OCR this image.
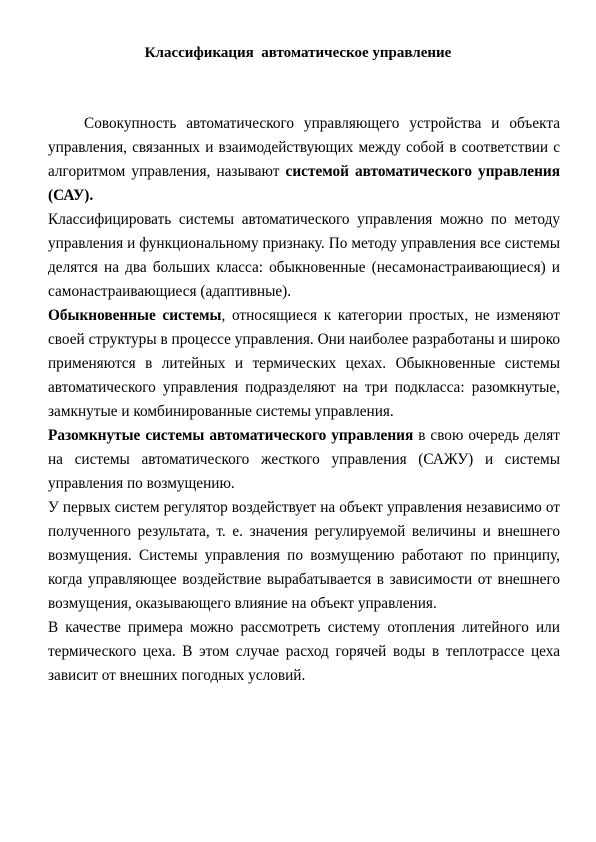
Классификация  автоматическое управление

Совокупность автоматического управляющего устройства и объекта управления, связанных и взаимодействующих между собой в соответствии с алгоритмом управления, называют системой автоматического управления (САУ).

Классифицировать системы автоматического управления можно по методу управления и функциональному признаку. По методу управления все системы делятся на два больших класса: обыкновенные (несамонастраивающиеся) и самонастраивающиеся (адаптивные).

Обыкновенные системы, относящиеся к категории простых, не изменяют своей структуры в процессе управления. Они наиболее разработаны и широко применяются в литейных и термических цехах. Обыкновенные системы автоматического управления подразделяют на три подкласса: разомкнутые, замкнутые и комбинированные системы управления.

Разомкнутые системы автоматического управления в свою очередь делят на системы автоматического жесткого управления (САЖУ) и системы управления по возмущению.

У первых систем регулятор воздействует на объект управления независимо от полученного результата, т. е. значения регулируемой величины и внешнего возмущения. Системы управления по возмущению работают по принципу, когда управляющее воздействие вырабатывается в зависимости от внешнего возмущения, оказывающего влияние на объект управления.

В качестве примера можно рассмотреть систему отопления литейного или термического цеха. В этом случае расход горячей воды в теплотрассе цеха зависит от внешних погодных условий.
